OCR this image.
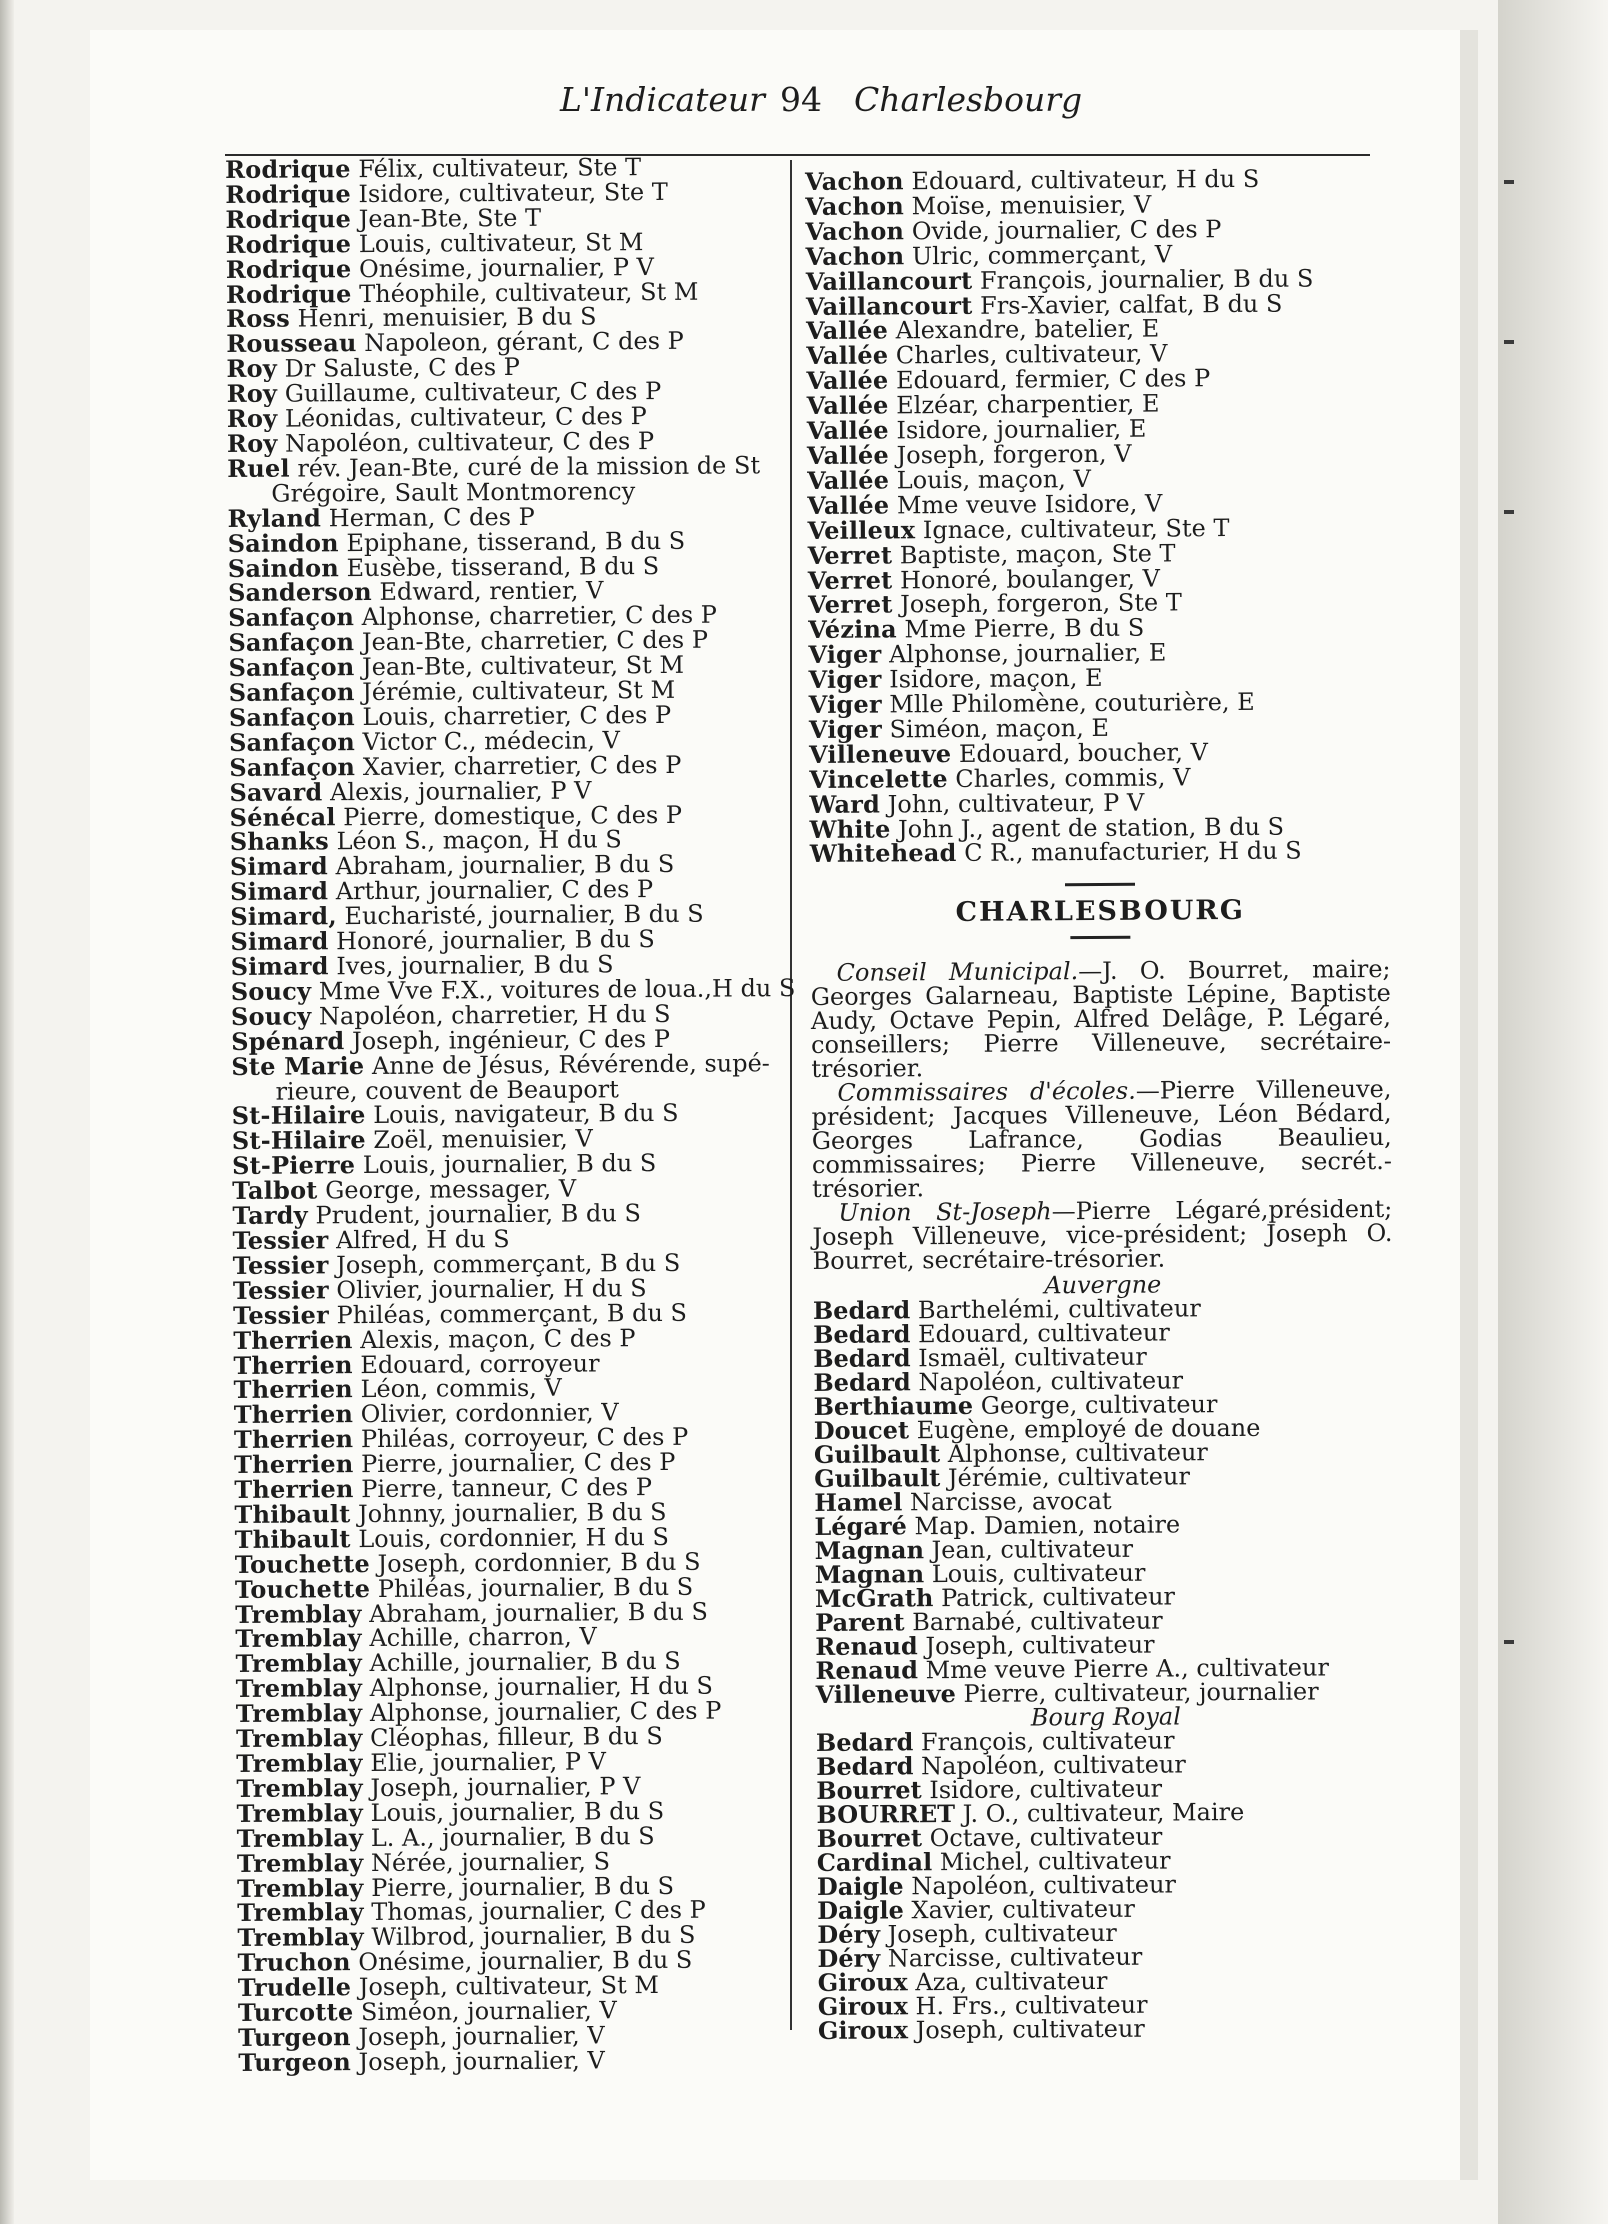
L'Indicateur 94 Charlesbourg
Rodrique Félix, cultivateur, Ste T
Rodrique Isidore, cultivateur, Ste T
Rodrique Jean-Bte, Ste T
Rodrique Louis, cultivateur, St M
Rodrique Onésime, journalier, P V
Rodrique Théophile, cultivateur, St M
Ross Henri, menuisier, B du S
Rousseau Napoleon, gérant, C des P
Roy Dr Saluste, C des P
Roy Guillaume, cultivateur, C des P
Roy Léonidas, cultivateur, C des P
Roy Napoléon, cultivateur, C des P
Ruel rév. Jean-Bte, curé de la mission de St
Grégoire, Sault Montmorency
Ryland Herman, C des P
Saindon Epiphane, tisserand, B du S
Saindon Eusèbe, tisserand, B du S
Sanderson Edward, rentier, V
Sanfaçon Alphonse, charretier, C des P
Sanfaçon Jean-Bte, charretier, C des P
Sanfaçon Jean-Bte, cultivateur, St M
Sanfaçon Jérémie, cultivateur, St M
Sanfaçon Louis, charretier, C des P
Sanfaçon Victor C., médecin, V
Sanfaçon Xavier, charretier, C des P
Savard Alexis, journalier, P V
Sénécal Pierre, domestique, C des P
Shanks Léon S., maçon, H du S
Simard Abraham, journalier, B du S
Simard Arthur, journalier, C des P
Simard, Eucharisté, journalier, B du S
Simard Honoré, journalier, B du S
Simard Ives, journalier, B du S
Soucy Mme Vve F.X., voitures de loua.,H du S
Soucy Napoléon, charretier, H du S
Spénard Joseph, ingénieur, C des P
Ste Marie Anne de Jésus, Révérende, supé-
rieure, couvent de Beauport
St-Hilaire Louis, navigateur, B du S
St-Hilaire Zoël, menuisier, V
St-Pierre Louis, journalier, B du S
Talbot George, messager, V
Tardy Prudent, journalier, B du S
Tessier Alfred, H du S
Tessier Joseph, commerçant, B du S
Tessier Olivier, journalier, H du S
Tessier Philéas, commerçant, B du S
Therrien Alexis, maçon, C des P
Therrien Edouard, corroyeur
Therrien Léon, commis, V
Therrien Olivier, cordonnier, V
Therrien Philéas, corroyeur, C des P
Therrien Pierre, journalier, C des P
Therrien Pierre, tanneur, C des P
Thibault Johnny, journalier, B du S
Thibault Louis, cordonnier, H du S
Touchette Joseph, cordonnier, B du S
Touchette Philéas, journalier, B du S
Tremblay Abraham, journalier, B du S
Tremblay Achille, charron, V
Tremblay Achille, journalier, B du S
Tremblay Alphonse, journalier, H du S
Tremblay Alphonse, journalier, C des P
Tremblay Cléophas, filleur, B du S
Tremblay Elie, journalier, P V
Tremblay Joseph, journalier, P V
Tremblay Louis, journalier, B du S
Tremblay L. A., journalier, B du S
Tremblay Nérée, journalier, S
Tremblay Pierre, journalier, B du S
Tremblay Thomas, journalier, C des P
Tremblay Wilbrod, journalier, B du S
Truchon Onésime, journalier, B du S
Trudelle Joseph, cultivateur, St M
Turcotte Siméon, journalier, V
Turgeon Joseph, journalier, V
Turgeon Joseph, journalier, V
Vachon Edouard, cultivateur, H du S
Vachon Moïse, menuisier, V
Vachon Ovide, journalier, C des P
Vachon Ulric, commerçant, V
Vaillancourt François, journalier, B du S
Vaillancourt Frs-Xavier, calfat, B du S
Vallée Alexandre, batelier, E
Vallée Charles, cultivateur, V
Vallée Edouard, fermier, C des P
Vallée Elzéar, charpentier, E
Vallée Isidore, journalier, E
Vallée Joseph, forgeron, V
Vallée Louis, maçon, V
Vallée Mme veuve Isidore, V
Veilleux Ignace, cultivateur, Ste T
Verret Baptiste, maçon, Ste T
Verret Honoré, boulanger, V
Verret Joseph, forgeron, Ste T
Vézina Mme Pierre, B du S
Viger Alphonse, journalier, E
Viger Isidore, maçon, E
Viger Mlle Philomène, couturière, E
Viger Siméon, maçon, E
Villeneuve Edouard, boucher, V
Vincelette Charles, commis, V
Ward John, cultivateur, P V
White John J., agent de station, B du S
Whitehead C R., manufacturier, H du S
CHARLESBOURG

Conseil Municipal.—J. O. Bourret, maire; Georges Galarneau, Baptiste Lépine, Baptiste Audy, Octave Pepin, Alfred Delâge, P. Légaré, conseillers; Pierre Villeneuve, secrétaire-trésorier.

Commissaires d'écoles.—Pierre Villeneuve, président; Jacques Villeneuve, Léon Bédard, Georges Lafrance, Godias Beaulieu, commissaires; Pierre Villeneuve, secrét.-trésorier.

Union St-Joseph—Pierre Légaré,président; Joseph Villeneuve, vice-président; Joseph O. Bourret, secrétaire-trésorier.

Auvergne
Bedard Barthelémi, cultivateur
Bedard Edouard, cultivateur
Bedard Ismaël, cultivateur
Bedard Napoléon, cultivateur
Berthiaume George, cultivateur
Doucet Eugène, employé de douane
Guilbault Alphonse, cultivateur
Guilbault Jérémie, cultivateur
Hamel Narcisse, avocat
Légaré Map. Damien, notaire
Magnan Jean, cultivateur
Magnan Louis, cultivateur
McGrath Patrick, cultivateur
Parent Barnabé, cultivateur
Renaud Joseph, cultivateur
Renaud Mme veuve Pierre A., cultivateur
Villeneuve Pierre, cultivateur, journalier
Bourg Royal
Bedard François, cultivateur
Bedard Napoléon, cultivateur
Bourret Isidore, cultivateur
BOURRET J. O., cultivateur, Maire
Bourret Octave, cultivateur
Cardinal Michel, cultivateur
Daigle Napoléon, cultivateur
Daigle Xavier, cultivateur
Déry Joseph, cultivateur
Déry Narcisse, cultivateur
Giroux Aza, cultivateur
Giroux H. Frs., cultivateur
Giroux Joseph, cultivateur
